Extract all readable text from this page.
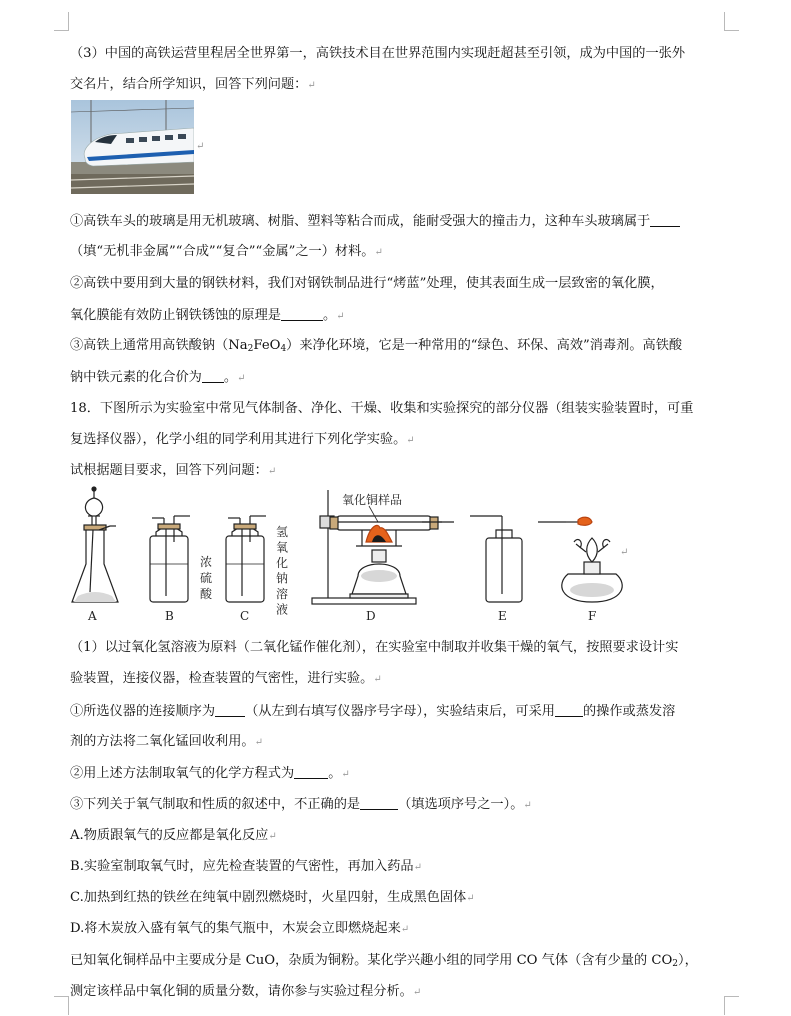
（3）中国的高铁运营里程居全世界第一，高铁技术目在世界范围内实现赶超甚至引领，成为中国的一张外
交名片，结合所学知识，回答下列问题：↵
①高铁车头的玻璃是用无机玻璃、树脂、塑料等粘合而成，能耐受强大的撞击力，这种车头玻璃属于
（填“无机非金属”“合成”“复合”“金属”之一）材料。↵
②高铁中要用到大量的钢铁材料，我们对钢铁制品进行“烤蓝”处理，使其表面生成一层致密的氧化膜，
氧化膜能有效防止钢铁锈蚀的原理是	。↵
③高铁上通常用高铁酸钠$(Na_2FeO_4)$来净化环境，它是一种常用的“绿色、环保、高效”消毒剂。高铁酸
钠中铁元素的化合价为 。↵
18．下图所示为实验室中常见气体制备、净化、干燥、收集和实验探究的部分仪器（组装实验装置时，可重
复选择仪器），化学小组的同学利用其进行下列化学实验。↵
试根据题目要求，回答下列问题：↵
（1）以过氧化氢溶液为原料（二氧化锰作催化剂），在实验室中制取并收集干燥的氧气，按照要求设计实
验装置，连接仪器，检查装置的气密性，进行实验。↵
①所选仪器的连接顺序为 （从左到右填写仪器序号字母），实验结束后，可采用 的操作或蒸发溶
剂的方法将二氧化锰回收利用。↵
②用上述方法制取氧气的化学方程式为	。↵
③下列关于氧气制取和性质的叙述中，不正确的是	（填选项序号之一）。↵
A.物质跟氧气的反应都是氧化反应↵
B.实验室制取氧气时，应先检查装置的气密性，再加入药品↵
C.加热到红热的铁丝在纯氧中剧烈燃烧时，火星四射，生成黑色固体↵
D.将木炭放入盛有氧气的集气瓶中，木炭会立即燃烧起来↵
已知氧化铜样品中主要成分是 CuO，杂质为铜粉。某化学兴趣小组的同学用 CO 气体（含有少量的 $CO_2$），
测定该样品中氧化铜的质量分数，请你参与实验过程分析。↵
↵
氧化铜样品
浓
硫
酸
氢
氧
化
钠
溶
液
A	B	C	D	E	F
↵
